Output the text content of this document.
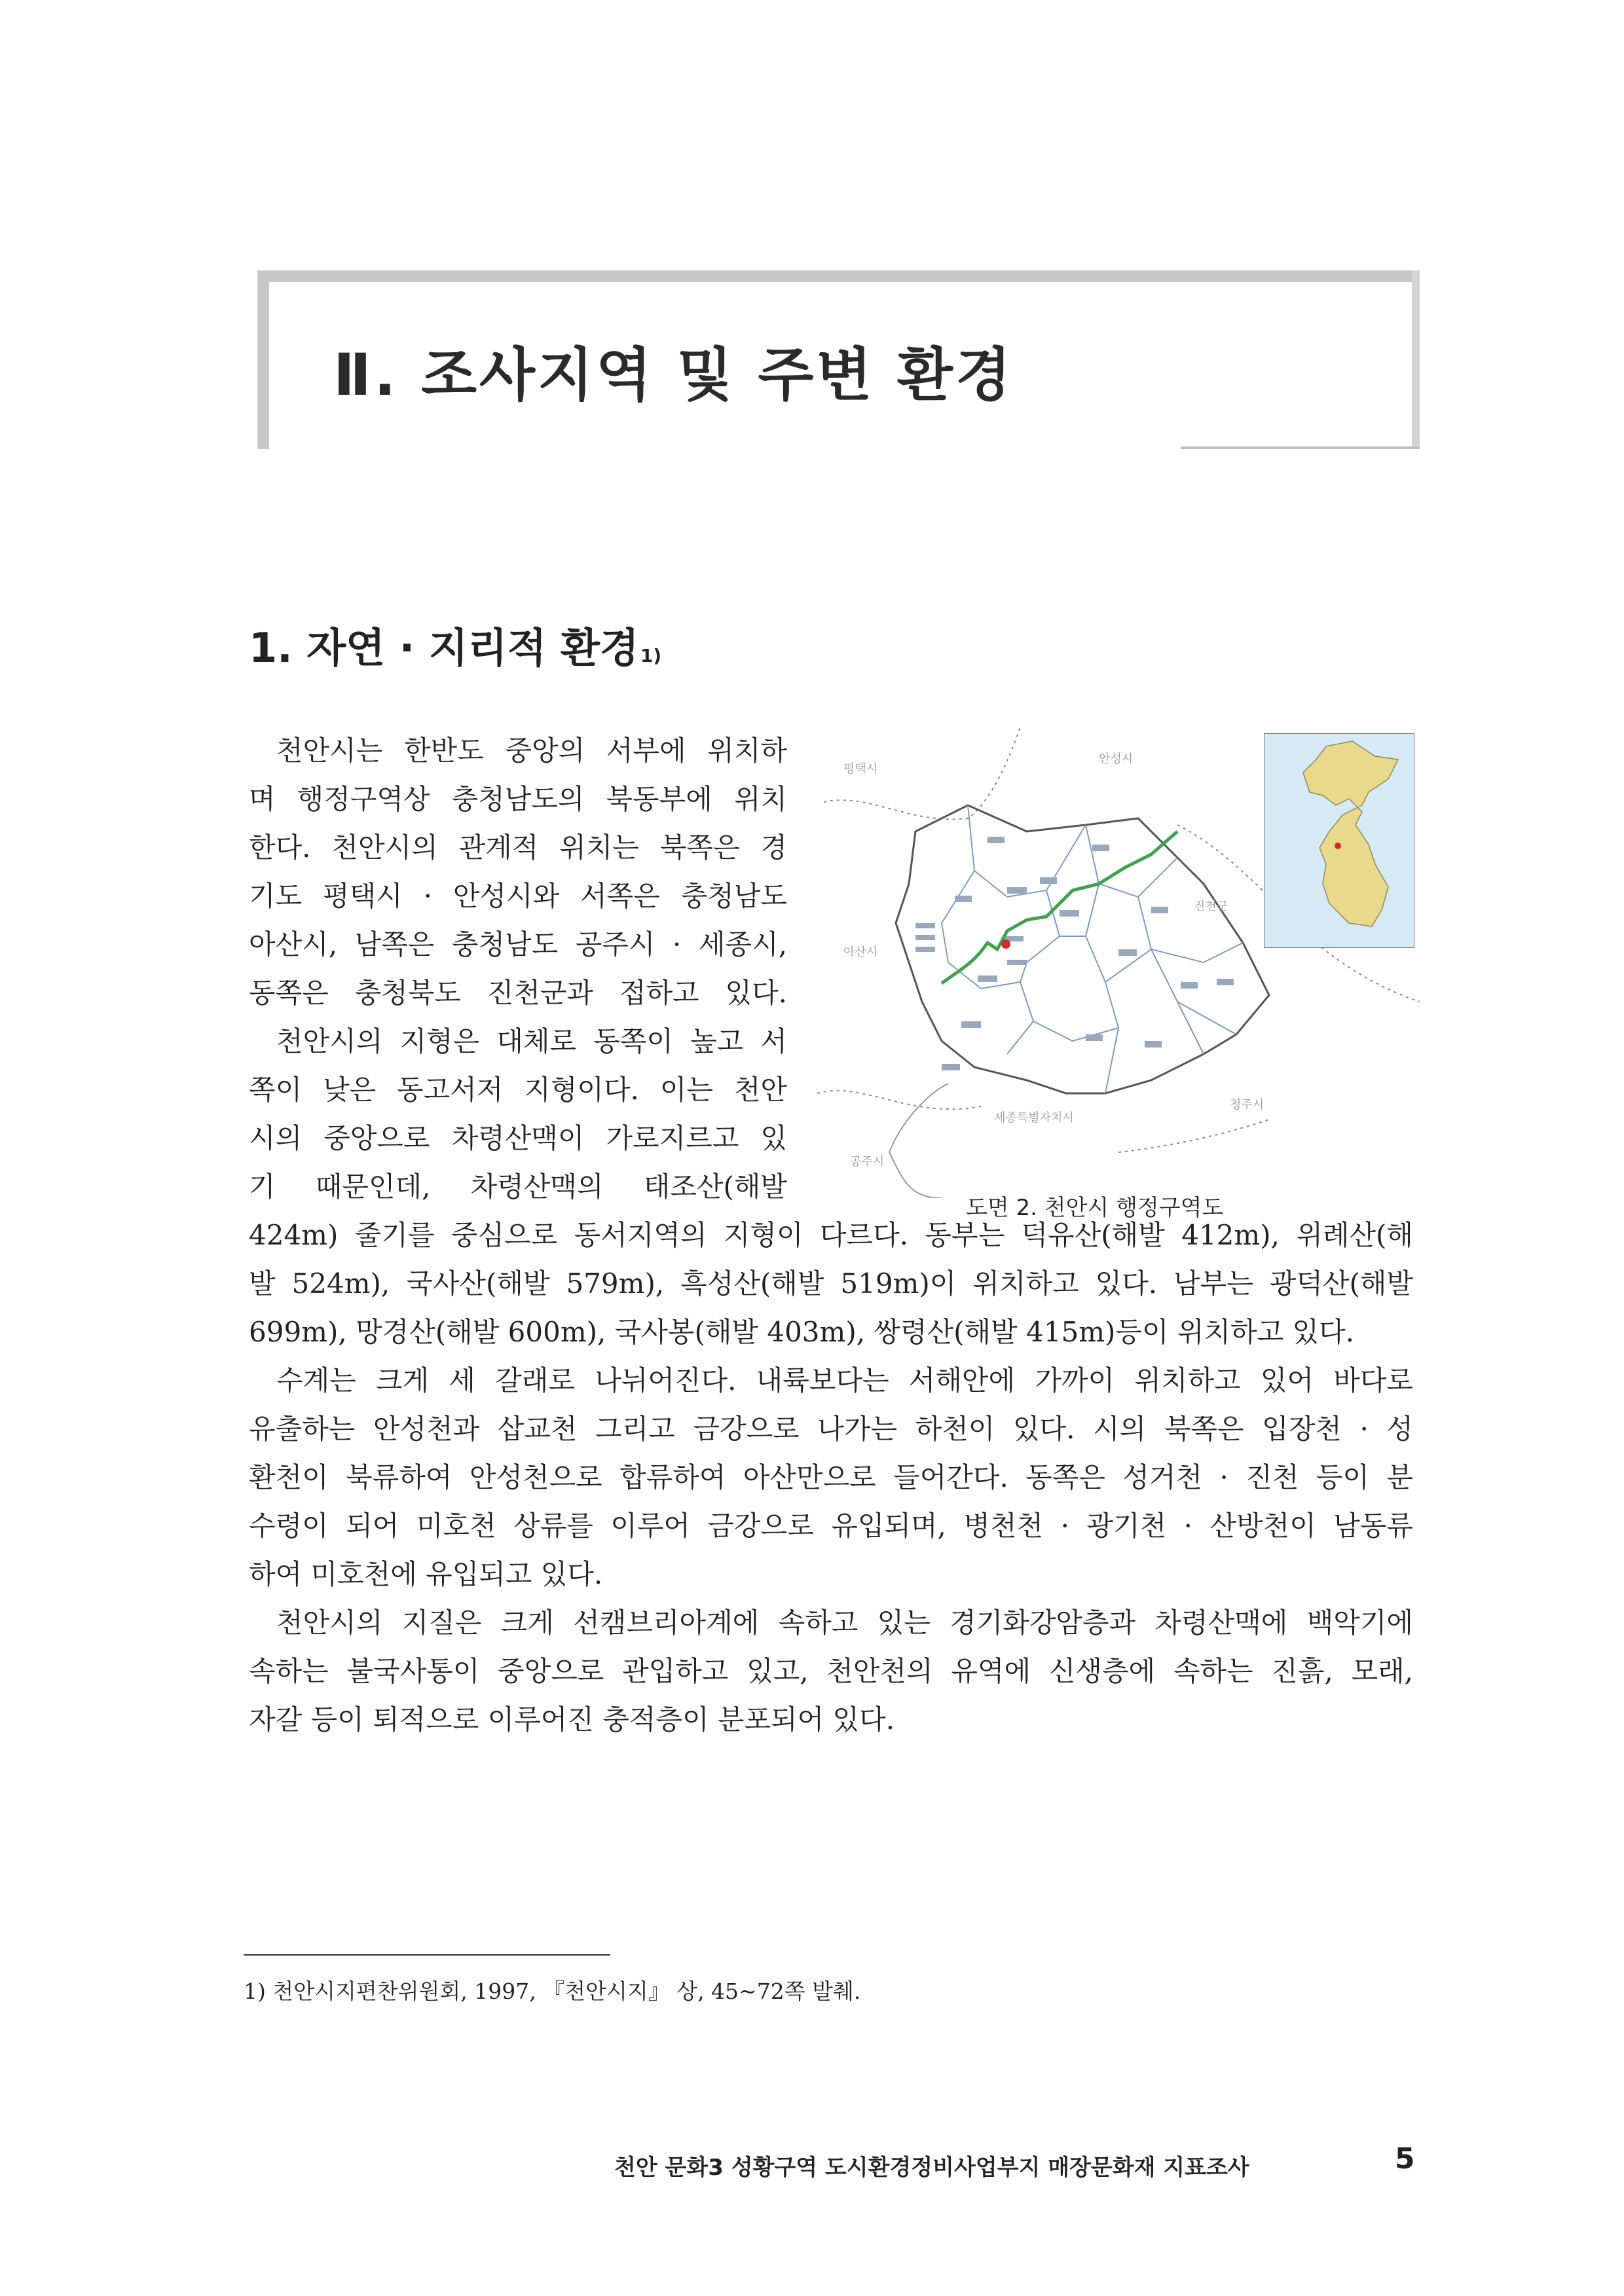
Ⅱ. 조사지역 및 주변 환경
1. 자연 · 지리적 환경1)
천안시는 한반도 중앙의 서부에 위치하
며 행정구역상 충청남도의 북동부에 위치
한다. 천안시의 관계적 위치는 북쪽은 경
기도 평택시 · 안성시와 서쪽은 충청남도
아산시, 남쪽은 충청남도 공주시 · 세종시,
동쪽은 충청북도 진천군과 접하고 있다.
천안시의 지형은 대체로 동쪽이 높고 서
쪽이 낮은 동고서저 지형이다. 이는 천안
시의 중앙으로 차령산맥이 가로지르고 있
기 때문인데, 차령산맥의 태조산(해발
424m) 줄기를 중심으로 동서지역의 지형이 다르다. 동부는 덕유산(해발 412m), 위례산(해
발 524m), 국사산(해발 579m), 흑성산(해발 519m)이 위치하고 있다. 남부는 광덕산(해발
699m), 망경산(해발 600m), 국사봉(해발 403m), 쌍령산(해발 415m)등이 위치하고 있다.
수계는 크게 세 갈래로 나뉘어진다. 내륙보다는 서해안에 가까이 위치하고 있어 바다로
유출하는 안성천과 삽교천 그리고 금강으로 나가는 하천이 있다. 시의 북쪽은 입장천 · 성
환천이 북류하여 안성천으로 합류하여 아산만으로 들어간다. 동쪽은 성거천 · 진천 등이 분
수령이 되어 미호천 상류를 이루어 금강으로 유입되며, 병천천 · 광기천 · 산방천이 남동류
하여 미호천에 유입되고 있다.
천안시의 지질은 크게 선캠브리아계에 속하고 있는 경기화강암층과 차령산맥에 백악기에
속하는 불국사통이 중앙으로 관입하고 있고, 천안천의 유역에 신생층에 속하는 진흙, 모래,
자갈 등이 퇴적으로 이루어진 충적층이 분포되어 있다.
평택시
안성시
아산시
진천군
공주시
세종특별자치시
청주시
도면 2. 천안시 행정구역도
1) 천안시지편찬위원회, 1997, 『천안시지』 상, 45~72쪽 발췌.
천안 문화3 성황구역 도시환경정비사업부지 매장문화재 지표조사	5
